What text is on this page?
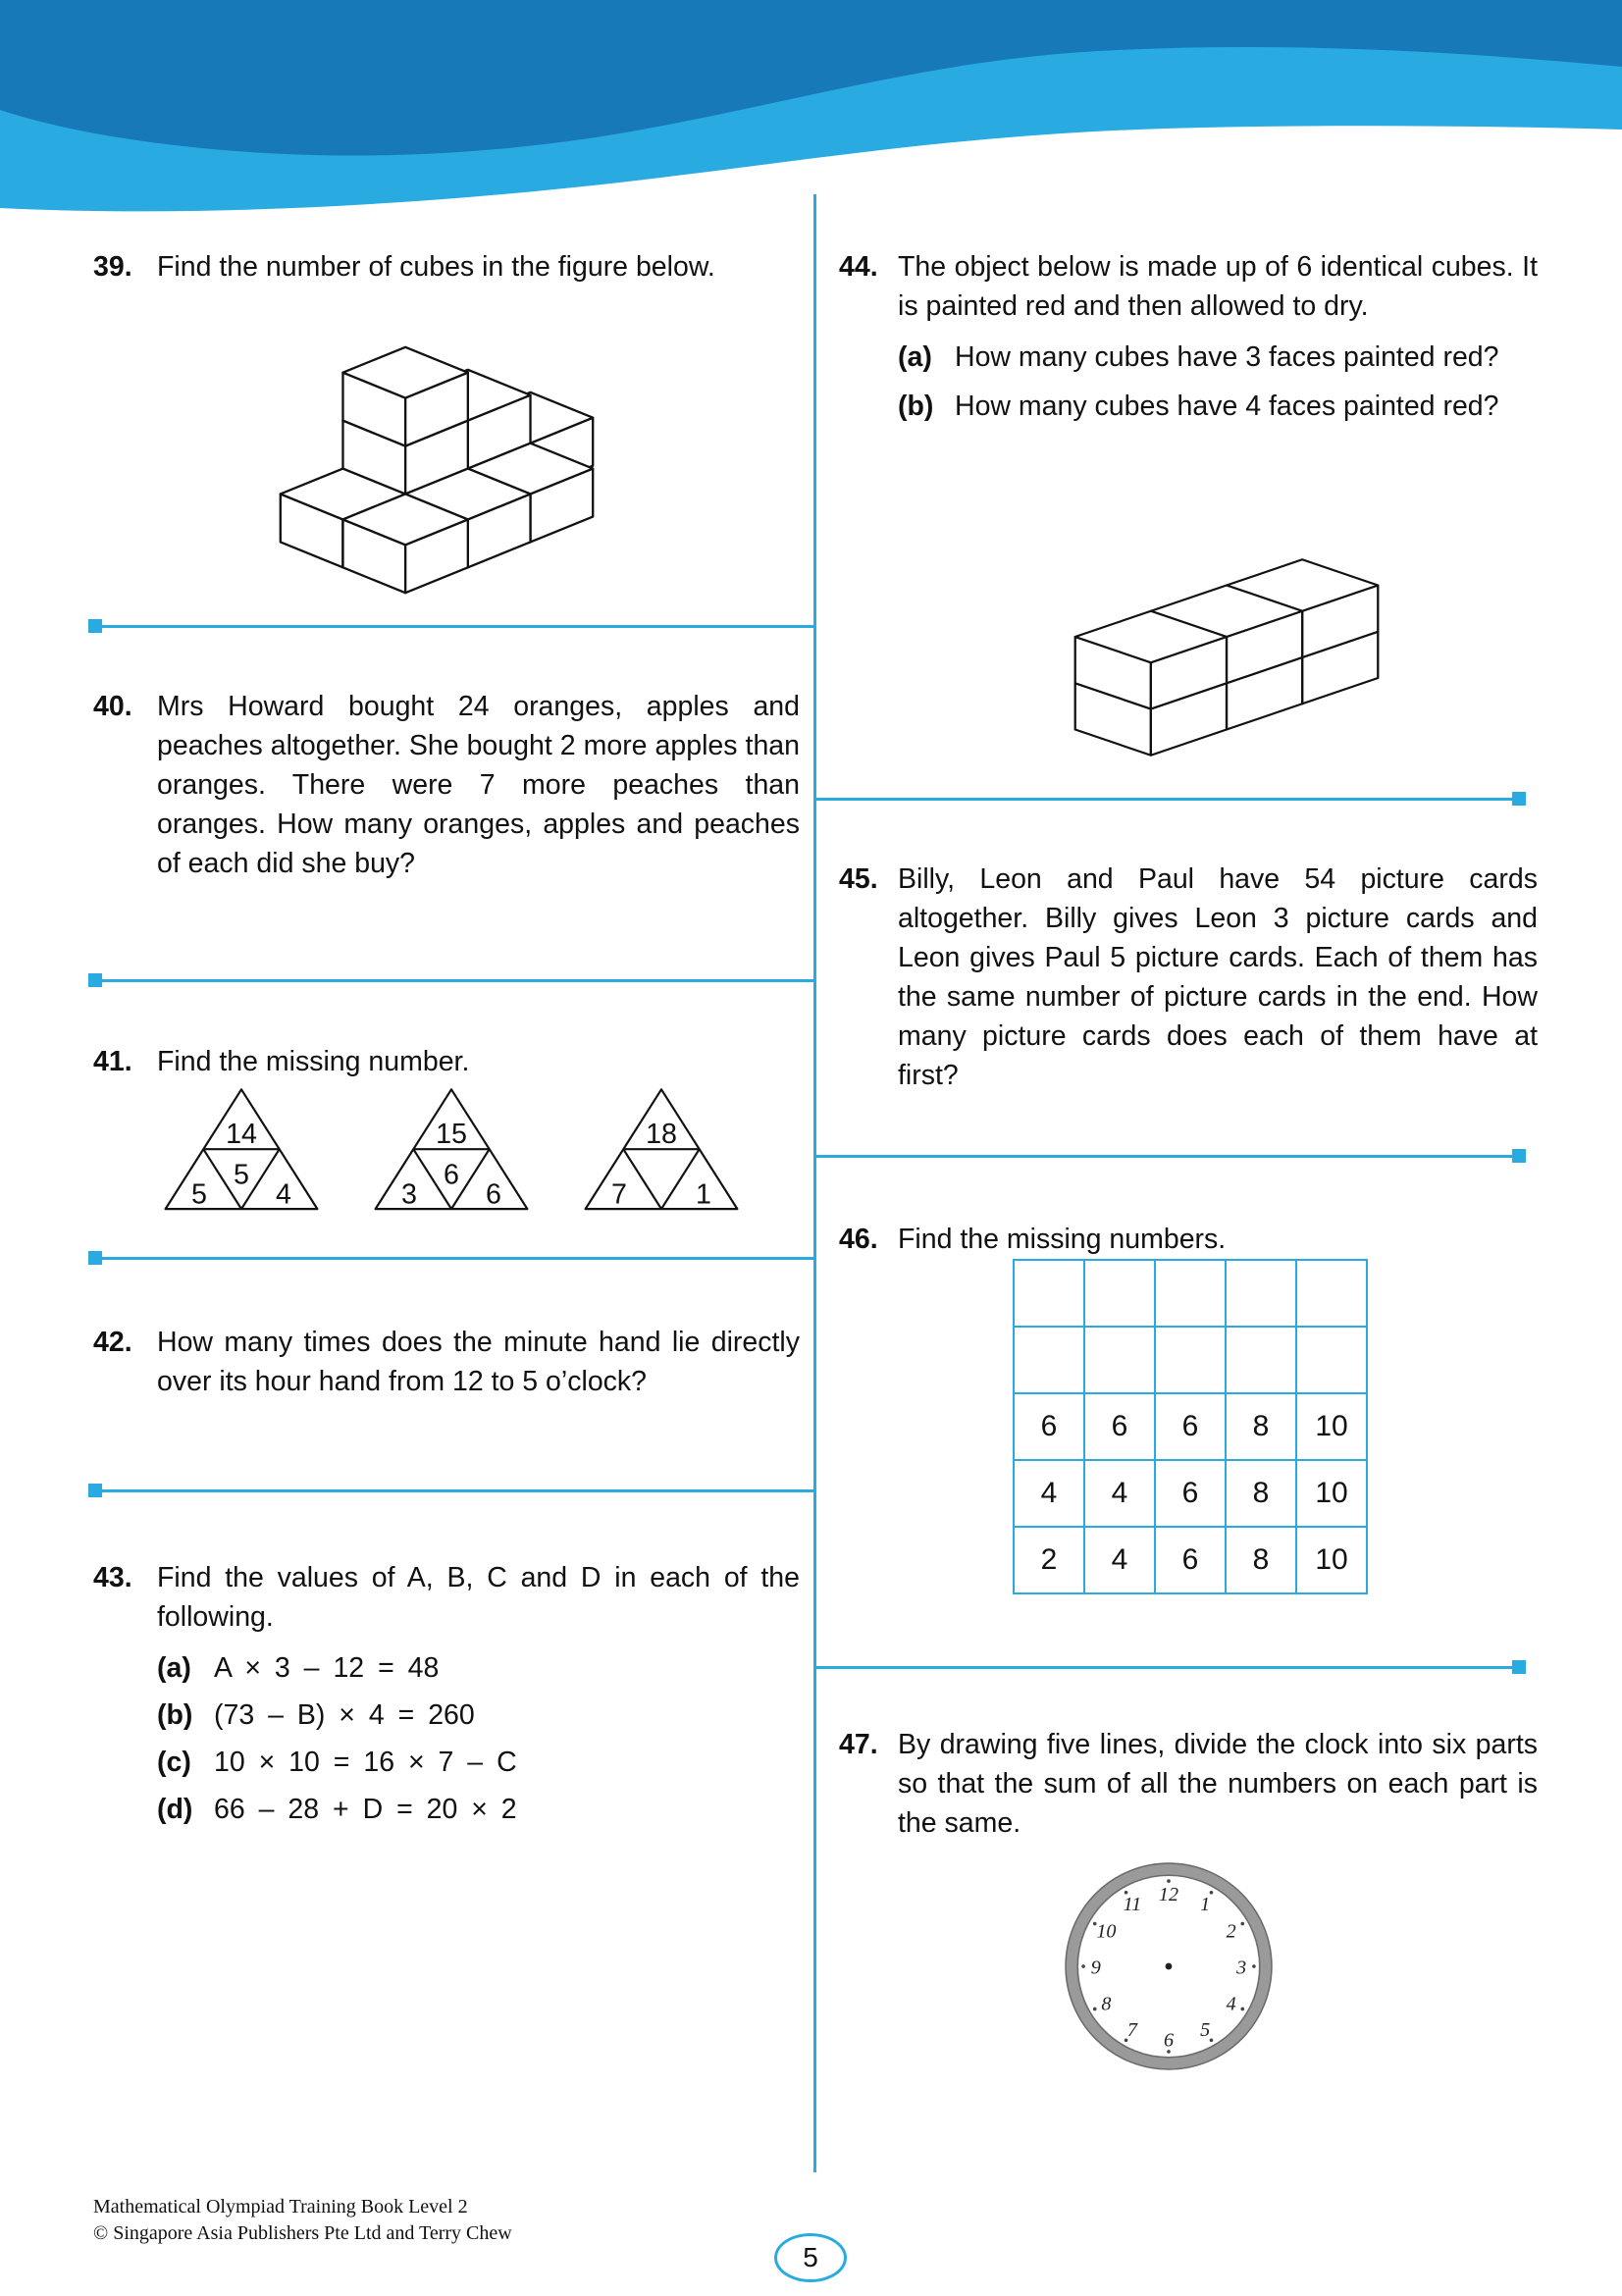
39. Find the number of cubes in the figure below.

40. Mrs Howard bought 24 oranges, apples and peaches altogether. She bought 2 more apples than oranges. There were 7 more peaches than oranges. How many oranges, apples and peaches of each did she buy?

41. Find the missing number.

14
5
5	4
15
6
3	6
18
7	1
42. How many times does the minute hand lie directly over its hour hand from 12 to 5 o’clock?

43. Find the values of A, B, C and D in each of the following.

(a) A × 3 – 12 = 48
(b) (73 – B) × 4 = 260
(c) 10 × 10 = 16 × 7 – C
(d) 66 – 28 + D = 20 × 2
44. The object below is made up of 6 identical cubes. It is painted red and then allowed to dry.

(a) How many cubes have 3 faces painted red?
(b) How many cubes have 4 faces painted red?
45. Billy, Leon and Paul have 54 picture cards altogether. Billy gives Leon 3 picture cards and Leon gives Paul 5 picture cards. Each of them has the same number of picture cards in the end. How many picture cards does each of them have at first?

46. Find the missing numbers.

6	6	6	8	10
4	4	6	8	10
2	4	6	8	10
47. By drawing five lines, divide the clock into six parts so that the sum of all the numbers on each part is the same.

12 1
2
3
4
5
6
7
8
9
10
11
Mathematical Olympiad Training Book Level 2
© Singapore Asia Publishers Pte Ltd and Terry Chew
5
